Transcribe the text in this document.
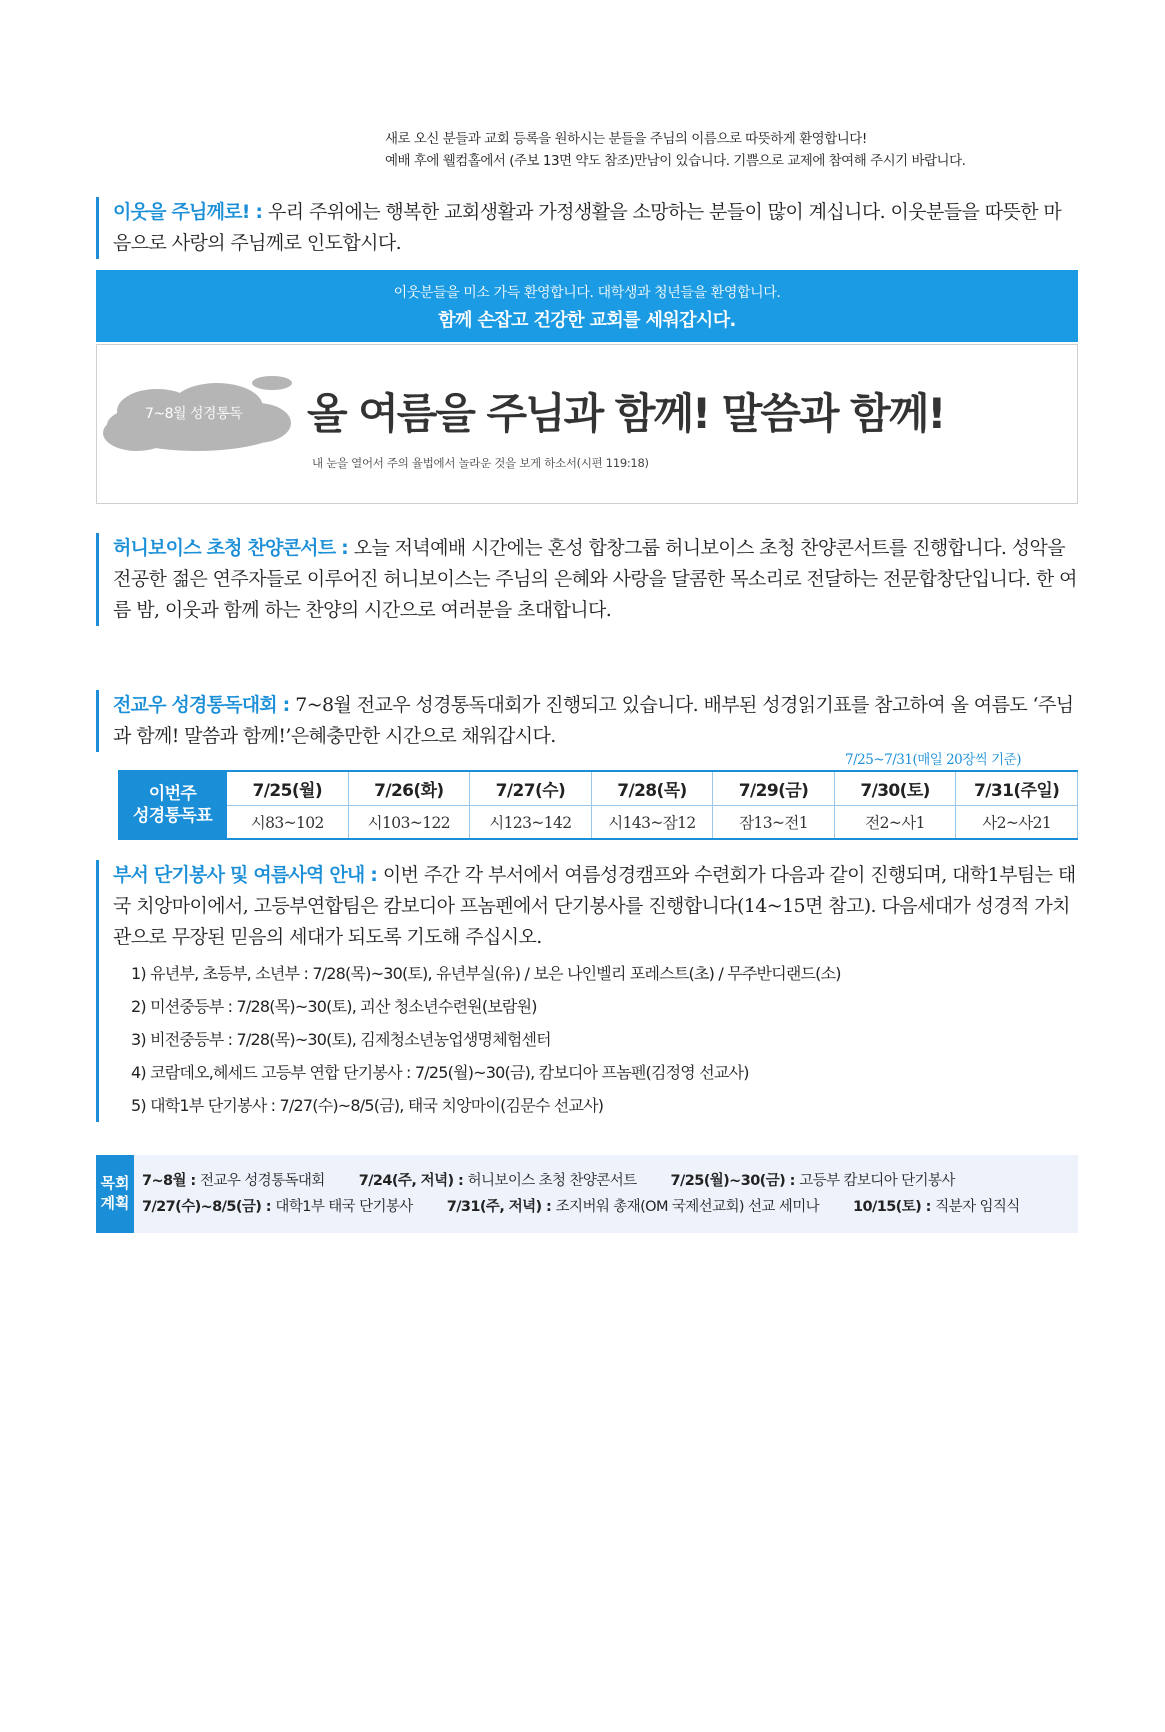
새로 오신 분들과 교회 등록을 원하시는 분들을 주님의 이름으로 따뜻하게 환영합니다!
예배 후에 웰컴홀에서 (주보 13면 약도 참조)만남이 있습니다. 기쁨으로 교제에 참여해 주시기 바랍니다.

이웃을 주님께로! : 우리 주위에는 행복한 교회생활과 가정생활을 소망하는 분들이 많이 계십니다. 이웃분들을 따뜻한 마음으로 사랑의 주님께로 인도합시다.

이웃분들을 미소 가득 환영합니다. 대학생과 청년들을 환영합니다.
함께 손잡고 건강한 교회를 세워갑시다.
7~8월 성경통독 올 여름을 주님과 함께! 말씀과 함께!
내 눈을 열어서 주의 율법에서 놀라운 것을 보게 하소서(시편 119:18)

허니보이스 초청 찬양콘서트 : 오늘 저녁예배 시간에는 혼성 합창그룹 허니보이스 초청 찬양콘서트를 진행합니다. 성악을 전공한 젊은 연주자들로 이루어진 허니보이스는 주님의 은혜와 사랑을 달콤한 목소리로 전달하는 전문합창단입니다. 한 여름 밤, 이웃과 함께 하는 찬양의 시간으로 여러분을 초대합니다.

전교우 성경통독대회 : 7~8월 전교우 성경통독대회가 진행되고 있습니다. 배부된 성경읽기표를 참고하여 올 여름도 ‘주님과 함께! 말씀과 함께!’은혜충만한 시간으로 채워갑시다.

7/25~7/31(매일 20장씩 기준)
이번주
성경통독표	7/25(월)	7/26(화)	7/27(수)	7/28(목)	7/29(금)	7/30(토)	7/31(주일)
	시83~102	시103~122	시123~142	시143~잠12	잠13~전1	전2~사1	사2~사21

부서 단기봉사 및 여름사역 안내 : 이번 주간 각 부서에서 여름성경캠프와 수련회가 다음과 같이 진행되며, 대학1부팀는 태국 치앙마이에서, 고등부연합팀은 캄보디아 프놈펜에서 단기봉사를 진행합니다(14~15면 참고). 다음세대가 성경적 가치관으로 무장된 믿음의 세대가 되도록 기도해 주십시오.

1) 유년부, 초등부, 소년부 : 7/28(목)~30(토), 유년부실(유) / 보은 나인벨리 포레스트(초) / 무주반디랜드(소)
2) 미션중등부 : 7/28(목)~30(토), 괴산 청소년수련원(보람원)
3) 비전중등부 : 7/28(목)~30(토), 김제청소년농업생명체험센터
4) 코람데오,헤세드 고등부 연합 단기봉사 : 7/25(월)~30(금), 캄보디아 프놈펜(김정영 선교사)
5) 대학1부 단기봉사 : 7/27(수)~8/5(금), 태국 치앙마이(김문수 선교사)
목회
계획
7~8월 : 전교우 성경통독대회 7/24(주, 저녁) : 허니보이스 초청 찬양콘서트 7/25(월)~30(금) : 고등부 캄보디아 단기봉사
7/27(수)~8/5(금) : 대학1부 태국 단기봉사 7/31(주, 저녁) : 조지버워 총재(OM 국제선교회) 선교 세미나 10/15(토) : 직분자 임직식
